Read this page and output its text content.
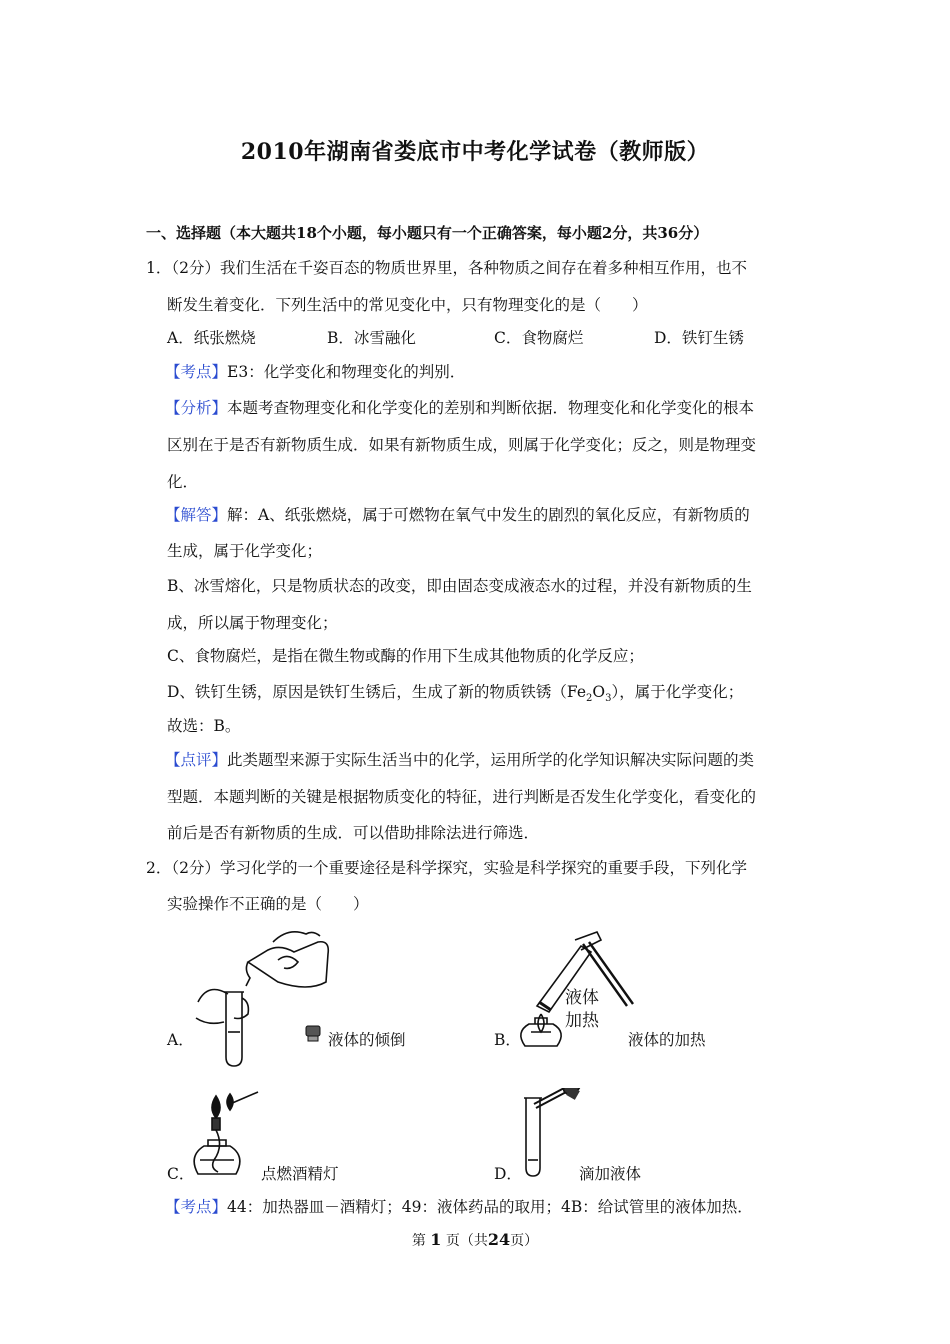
2010年湖南省娄底市中考化学试卷（教师版）
一、选择题（本大题共18个小题，每小题只有一个正确答案，每小题2分，共36分）
1．（2分）我们生活在千姿百态的物质世界里，各种物质之间存在着多种相互作用，也不
断发生着变化．下列生活中的常见变化中，只有物理变化的是（　　）
A．纸张燃烧	B．冰雪融化	C．食物腐烂	D．铁钉生锈
【考点】E3：化学变化和物理变化的判别．
【分析】本题考查物理变化和化学变化的差别和判断依据．物理变化和化学变化的根本
区别在于是否有新物质生成．如果有新物质生成，则属于化学变化；反之，则是物理变
化．
【解答】解：A、纸张燃烧，属于可燃物在氧气中发生的剧烈的氧化反应，有新物质的
生成，属于化学变化；
B、冰雪熔化，只是物质状态的改变，即由固态变成液态水的过程，并没有新物质的生
成，所以属于物理变化；
C、食物腐烂，是指在微生物或酶的作用下生成其他物质的化学反应；
D、铁钉生锈，原因是铁钉生锈后，生成了新的物质铁锈$(Fe_2O_3)$，属于化学变化；
故选：B。
【点评】此类题型来源于实际生活当中的化学，运用所学的化学知识解决实际问题的类
型题．本题判断的关键是根据物质变化的特征，进行判断是否发生化学变化，看变化的
前后是否有新物质的生成．可以借助排除法进行筛选．
2．（2分）学习化学的一个重要途径是科学探究，实验是科学探究的重要手段，下列化学
实验操作不正确的是（　　）
A．	液体的倾倒
液体
加热
B．	液体的加热
C．	点燃酒精灯	D．	滴加液体
【考点】44：加热器皿－酒精灯；49：液体药品的取用；4B：给试管里的液体加热．
第 1 页（共24页）
